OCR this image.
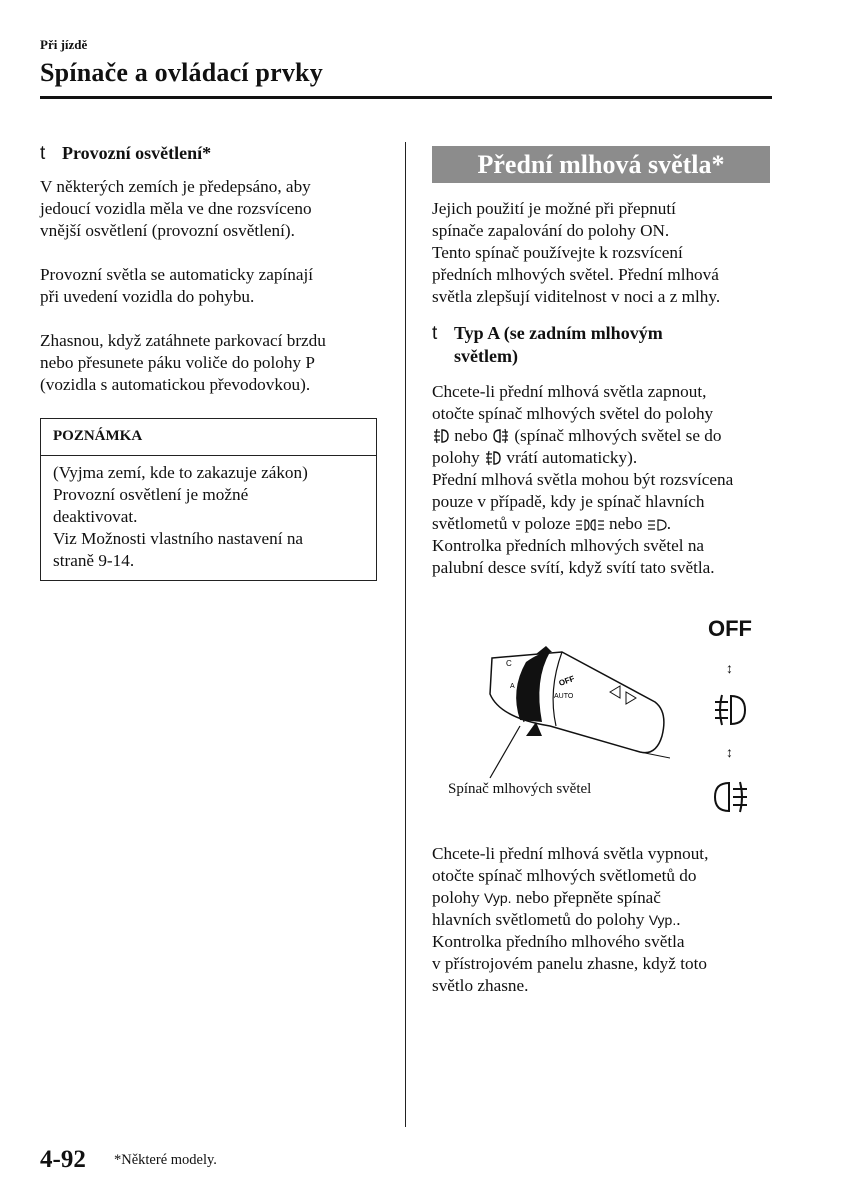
Při jízdě
Spínače a ovládací prvky
t Provozní osvětlení*

V některých zemích je předepsáno, aby
jedoucí vozidla měla ve dne rozsvíceno
vnější osvětlení (provozní osvětlení).

Provozní světla se automaticky zapínají
při uvedení vozidla do pohybu.

Zhasnou, když zatáhnete parkovací brzdu
nebo přesunete páku voliče do polohy P
(vozidla s automatickou převodovkou).

POZNÁMKA
(Vyjma zemí, kde to zakazuje zákon)
Provozní osvětlení je možné
deaktivovat.
Viz Možnosti vlastního nastavení na
straně 9-14.
Přední mlhová světla*
Jejich použití je možné při přepnutí
spínače zapalování do polohy ON.
Tento spínač používejte k rozsvícení
předních mlhových světel. Přední mlhová
světla zlepšují viditelnost v noci a z mlhy.
t Typ A (se zadním mlhovým
světlem)
Chcete-li přední mlhová světla zapnout,
otočte spínač mlhových světel do polohy
nebo (spínač mlhových světel se do
polohy vrátí automaticky).
Přední mlhová světla mohou být rozsvícena
pouze v případě, kdy je spínač hlavních
světlometů v poloze nebo .
Kontrolka předních mlhových světel na
palubní desce svítí, když svítí tato světla.
OFF
C
A	OFF
AUTO
Spínač mlhových světel
↕
↕
Chcete-li přední mlhová světla vypnout,
otočte spínač mlhových světlometů do
polohy Vyp. nebo přepněte spínač
hlavních světlometů do polohy Vyp..
Kontrolka předního mlhového světla
v přístrojovém panelu zhasne, když toto
světlo zhasne.
4-92 *Některé modely.
